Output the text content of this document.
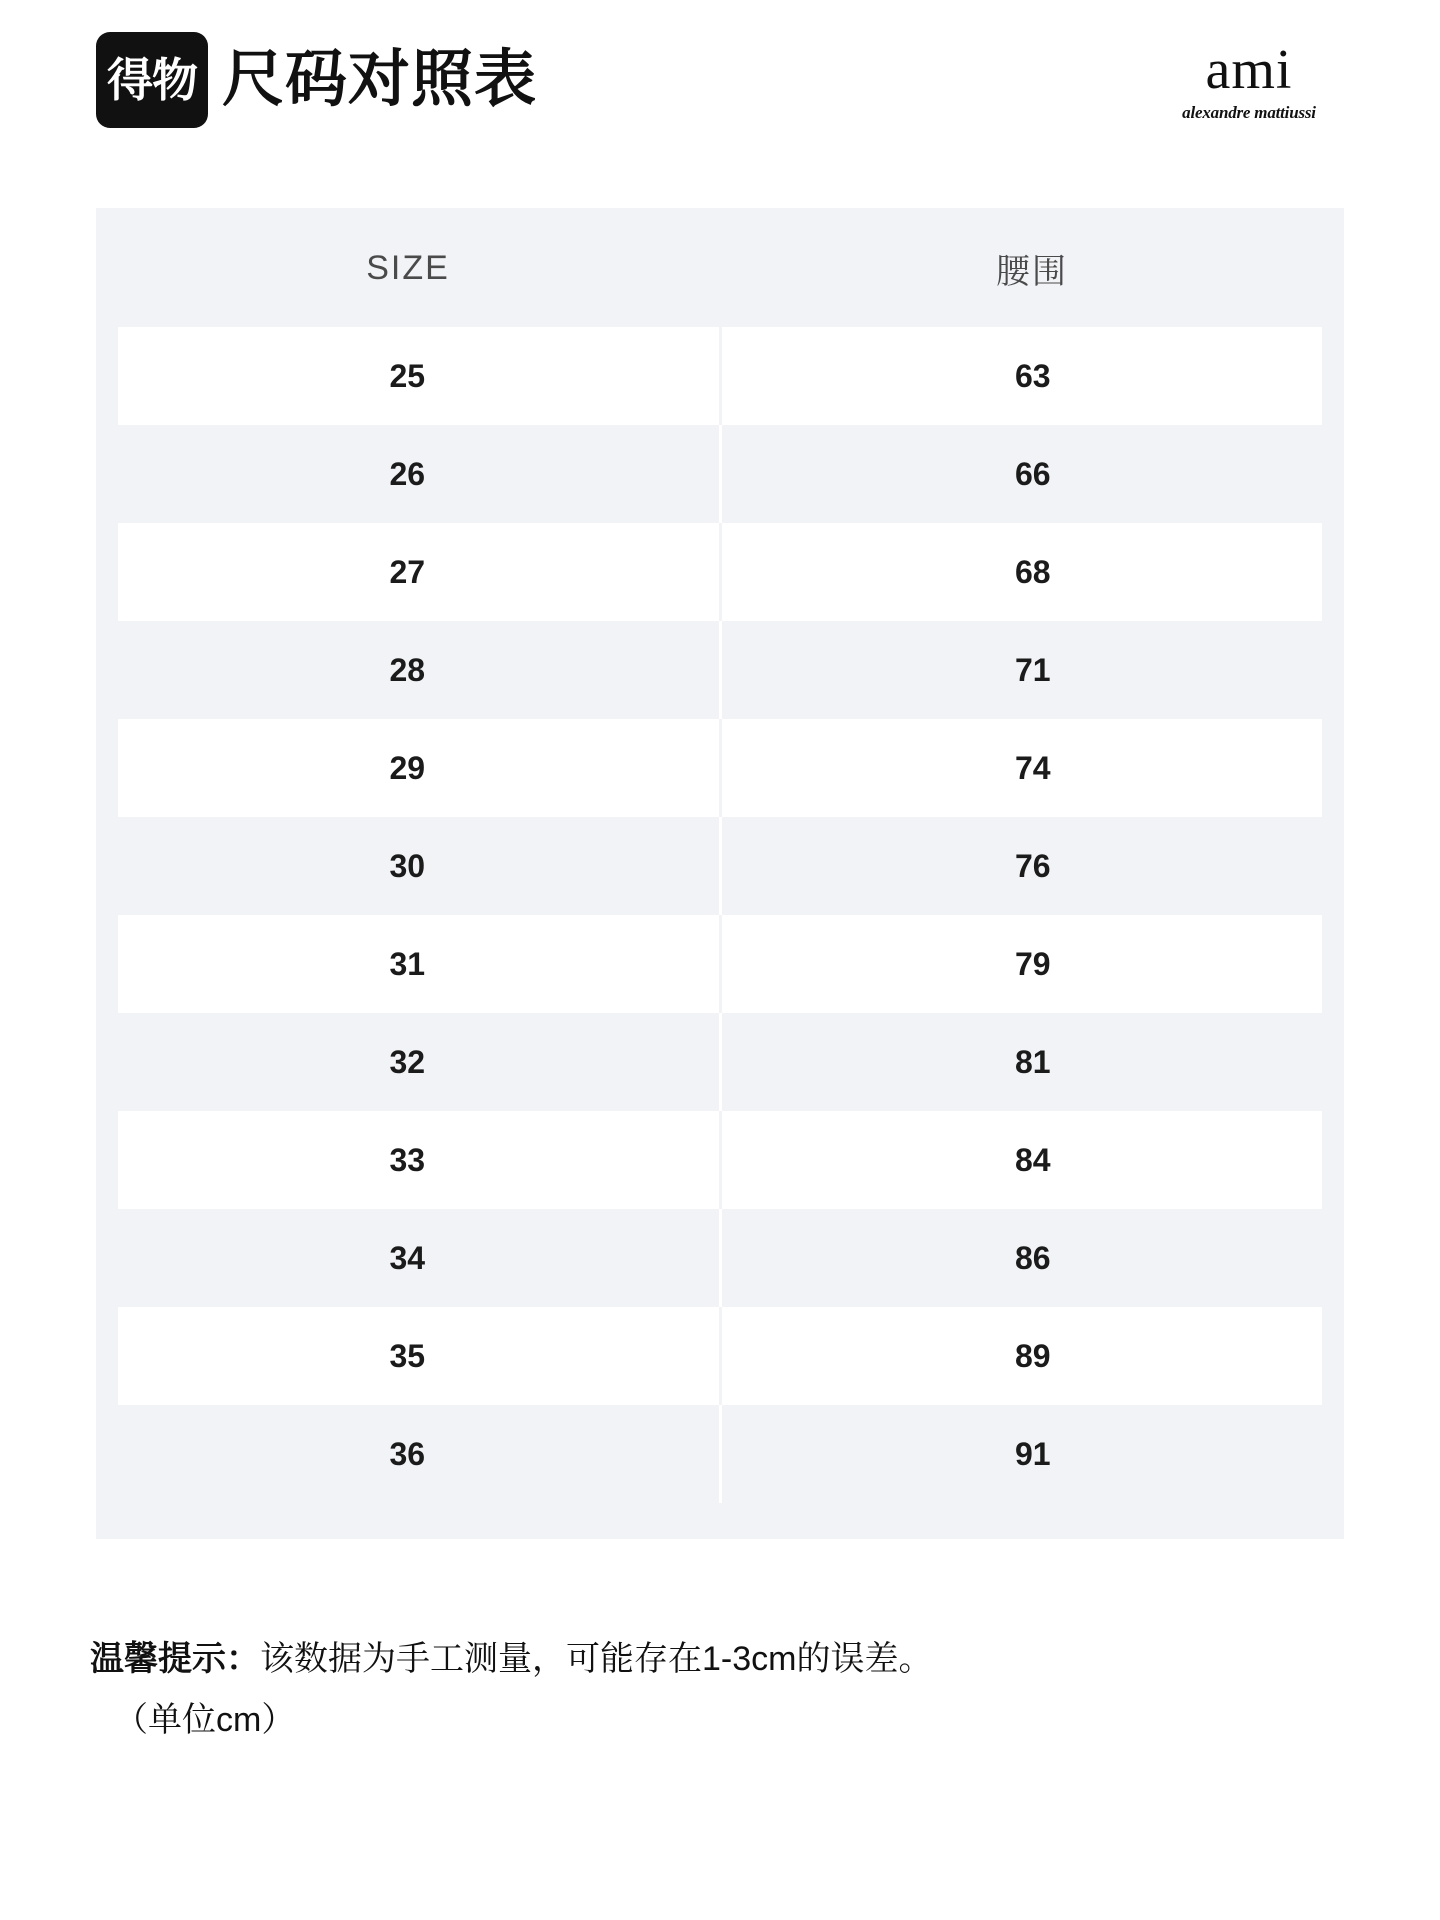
得物 尺码对照表	ami
alexandre mattiussi
SIZE	腰围
25	63
26	66
27	68
28	71
29	74
30	76
31	79
32	81
33	84
34	86
35	89
36	91
温馨提示：该数据为手工测量，可能存在1-3cm的误差。
（单位cm）
